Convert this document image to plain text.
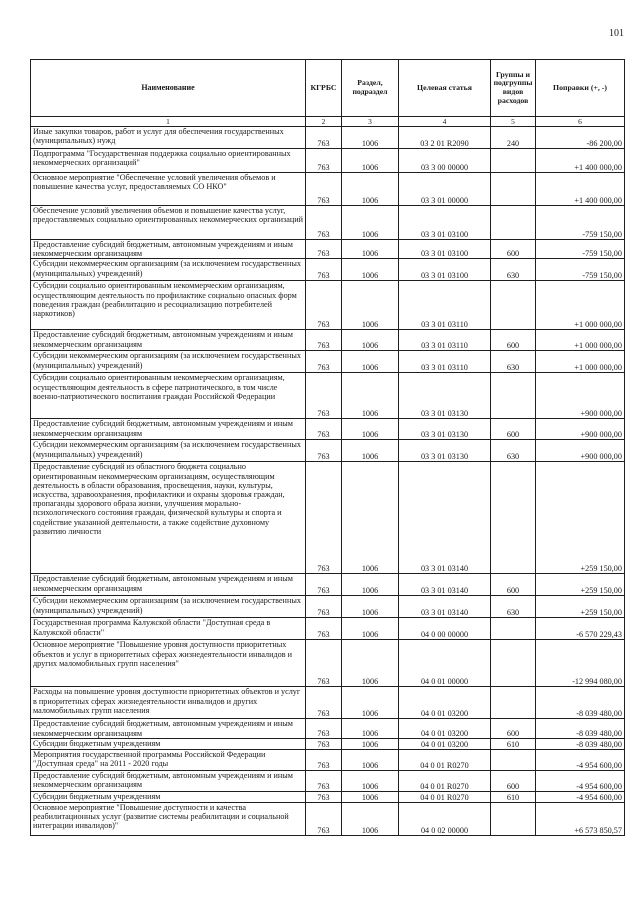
101
Наименование	КГРБС	Раздел, подраздел	Целевая статья	Группы и подгруппы видов расходов	Поправки (+, -)
1	2	3	4	5	6
Иные закупки товаров, работ и услуг для обеспечения государственных (муниципальных) нужд	763	1006	03 2 01 R2090	240	-86 200,00
Подпрограмма "Государственная поддержка социально ориентированных некоммерческих организаций"	763	1006	03 3 00 00000		+1 400 000,00
Основное мероприятие "Обеспечение условий увеличения объемов и повышение качества услуг, предоставляемых СО НКО"	763	1006	03 3 01 00000		+1 400 000,00
Обеспечение условий увеличения объемов и повышение качества услуг, предоставляемых социально ориентированных некоммерческих организаций	763	1006	03 3 01 03100		-759 150,00
Предоставление субсидий бюджетным, автономным учреждениям и иным некоммерческим организациям	763	1006	03 3 01 03100	600	-759 150,00
Субсидии некоммерческим организациям (за исключением государственных (муниципальных) учреждений)	763	1006	03 3 01 03100	630	-759 150,00
Субсидии социально ориентированным некоммерческим организациям, осуществляющим деятельность по профилактике социально опасных форм поведения граждан (реабилитацию и ресоциализацию потребителей наркотиков)	763	1006	03 3 01 03110		+1 000 000,00
Предоставление субсидий бюджетным, автономным учреждениям и иным некоммерческим организациям	763	1006	03 3 01 03110	600	+1 000 000,00
Субсидии некоммерческим организациям (за исключением государственных (муниципальных) учреждений)	763	1006	03 3 01 03110	630	+1 000 000,00
Субсидии социально ориентированным некоммерческим организациям, осуществляющим деятельность в сфере патриотического, в том числе военно-патриотического воспитания граждан Российской Федерации	763	1006	03 3 01 03130		+900 000,00
Предоставление субсидий бюджетным, автономным учреждениям и иным некоммерческим организациям	763	1006	03 3 01 03130	600	+900 000,00
Субсидии некоммерческим организациям (за исключением государственных (муниципальных) учреждений)	763	1006	03 3 01 03130	630	+900 000,00
Предоставление субсидий из областного бюджета социально ориентированным некоммерческим организациям, осуществляющим деятельность в области образования, просвещения, науки, культуры, искусства, здравоохранения, профилактики и охраны здоровья граждан, пропаганды здорового образа жизни, улучшения морально-психологического состояния граждан, физической культуры и спорта и содействие указанной деятельности, а также содействие духовному развитию личности	763	1006	03 3 01 03140		+259 150,00
Предоставление субсидий бюджетным, автономным учреждениям и иным некоммерческим организациям	763	1006	03 3 01 03140	600	+259 150,00
Субсидии некоммерческим организациям (за исключением государственных (муниципальных) учреждений)	763	1006	03 3 01 03140	630	+259 150,00
Государственная программа Калужской области "Доступная среда в Калужской области"	763	1006	04 0 00 00000		-6 570 229,43
Основное мероприятие "Повышение уровня доступности приоритетных объектов и услуг в приоритетных сферах жизнедеятельности инвалидов и других маломобильных групп населения"	763	1006	04 0 01 00000		-12 994 080,00
Расходы на повышение уровня доступности приоритетных объектов и услуг в приоритетных сферах жизнедеятельности инвалидов и других маломобильных групп населения	763	1006	04 0 01 03200		-8 039 480,00
Предоставление субсидий бюджетным, автономным учреждениям и иным некоммерческим организациям	763	1006	04 0 01 03200	600	-8 039 480,00
Субсидии бюджетным учреждениям	763	1006	04 0 01 03200	610	-8 039 480,00
Мероприятия государственной программы Российской Федерации "Доступная среда" на 2011 - 2020 годы	763	1006	04 0 01 R0270		-4 954 600,00
Предоставление субсидий бюджетным, автономным учреждениям и иным некоммерческим организациям	763	1006	04 0 01 R0270	600	-4 954 600,00
Субсидии бюджетным учреждениям	763	1006	04 0 01 R0270	610	-4 954 600,00
Основное мероприятие "Повышение доступности и качества реабилитационных услуг (развитие системы реабилитации и социальной интеграции инвалидов)"	763	1006	04 0 02 00000		+6 573 850,57
